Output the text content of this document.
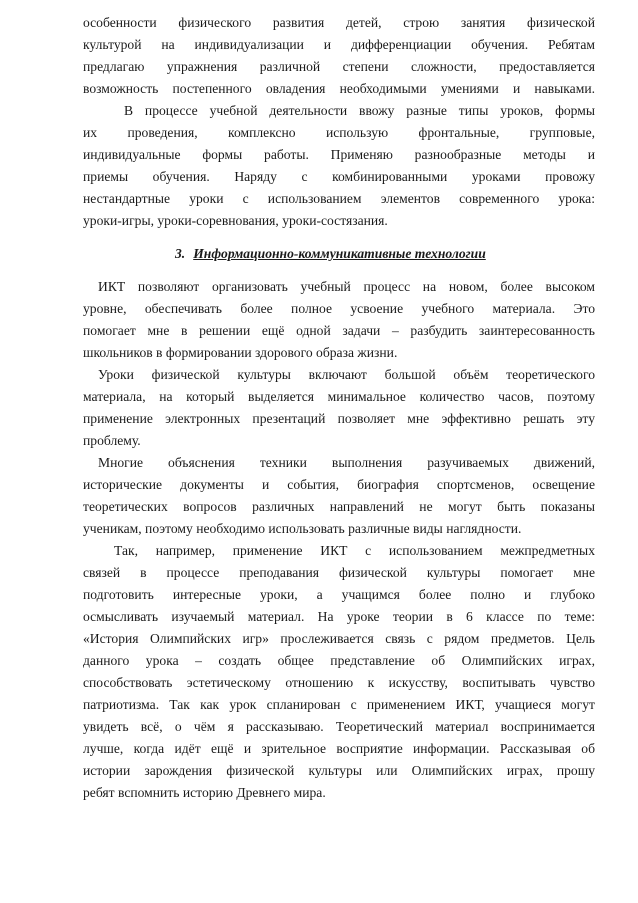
особенности физического развития детей, строю занятия физической
культурой на индивидуализации и дифференциации обучения. Ребятам
предлагаю упражнения различной степени сложности, предоставляется
возможность постепенного овладения необходимыми умениями и навыками.
В процессе учебной деятельности ввожу разные типы уроков, формы
их проведения, комплексно использую фронтальные, групповые,
индивидуальные формы работы. Применяю разнообразные методы и
приемы обучения. Наряду с комбинированными уроками провожу
нестандартные уроки с использованием элементов современного урока:
уроки-игры, уроки-соревнования, уроки-состязания.
3. Информационно-коммуникативные технологии
ИКТ позволяют организовать учебный процесс на новом, более высоком
уровне, обеспечивать более полное усвоение учебного материала. Это
помогает мне в решении ещё одной задачи – разбудить заинтересованность
школьников в формировании здорового образа жизни.
Уроки физической культуры включают большой объём теоретического
материала, на который выделяется минимальное количество часов, поэтому
применение электронных презентаций позволяет мне эффективно решать эту
проблему.
Многие объяснения техники выполнения разучиваемых движений,
исторические документы и события, биография спортсменов, освещение
теоретических вопросов различных направлений не могут быть показаны
ученикам, поэтому необходимо использовать различные виды наглядности.
Так, например, применение ИКТ с использованием межпредметных
связей в процессе преподавания физической культуры помогает мне
подготовить интересные уроки, а учащимся более полно и глубоко
осмысливать изучаемый материал. На уроке теории в 6 классе по теме:
«История Олимпийских игр» прослеживается связь с рядом предметов. Цель
данного урока – создать общее представление об Олимпийских играх,
способствовать эстетическому отношению к искусству, воспитывать чувство
патриотизма. Так как урок спланирован с применением ИКТ, учащиеся могут
увидеть всё, о чём я рассказываю. Теоретический материал воспринимается
лучше, когда идёт ещё и зрительное восприятие информации. Рассказывая об
истории зарождения физической культуры или Олимпийских играх, прошу
ребят вспомнить историю Древнего мира.
